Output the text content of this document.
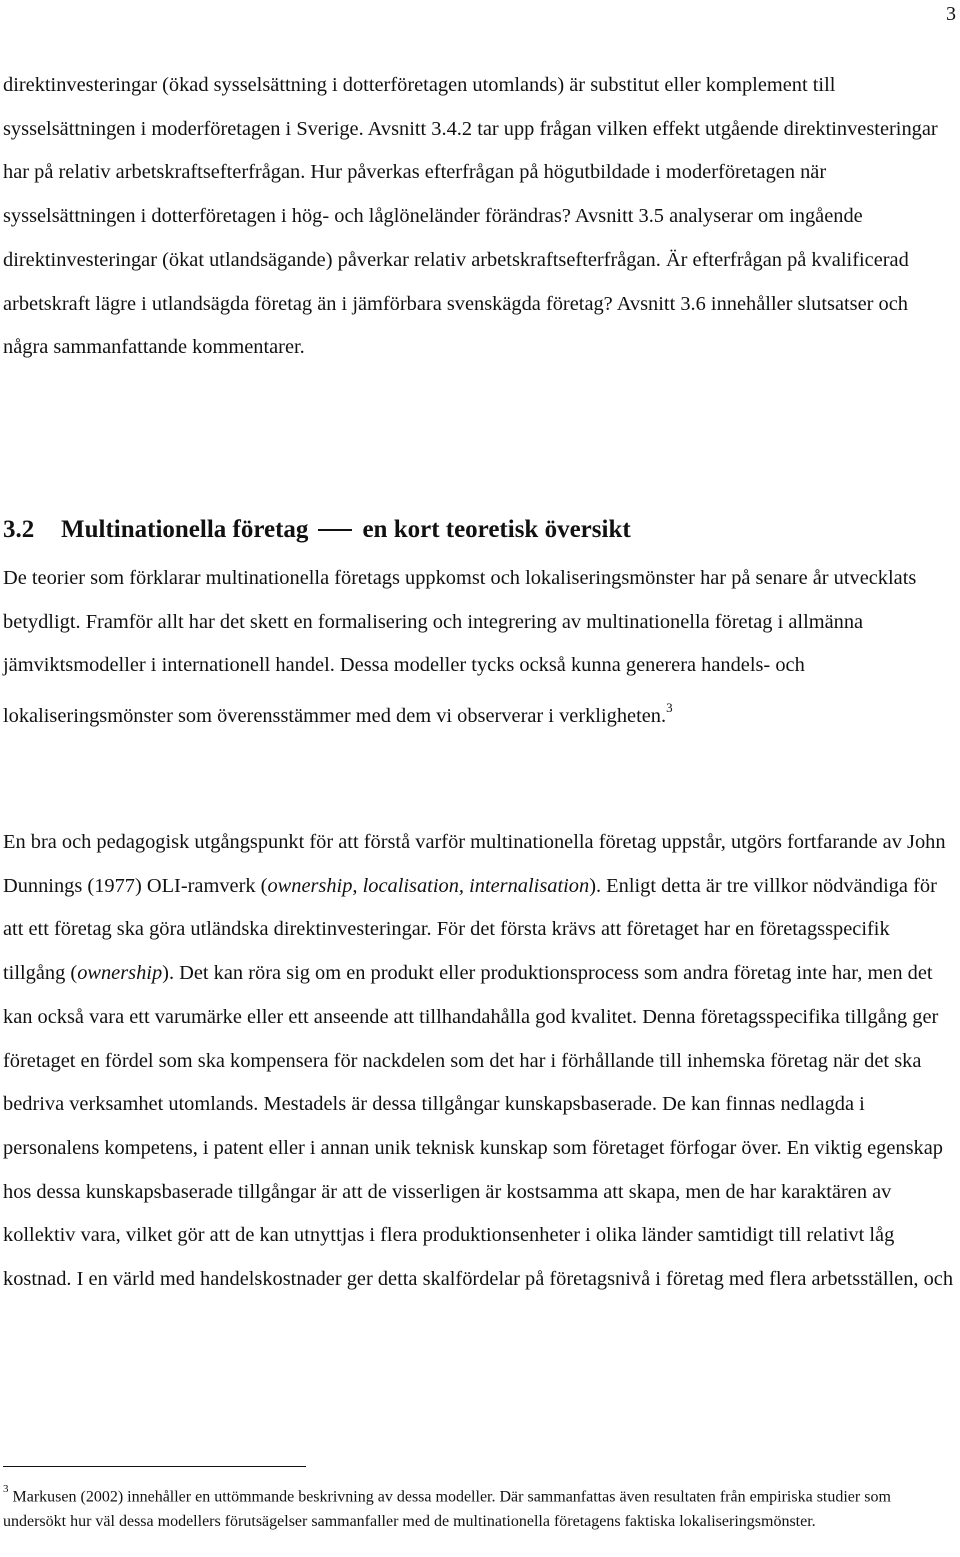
3

direktinvesteringar (ökad sysselsättning i dotterföretagen utomlands) är substitut eller komplement till sysselsättningen i moderföretagen i Sverige. Avsnitt 3.4.2 tar upp frågan vilken effekt utgående direktinvesteringar har på relativ arbetskraftsefterfrågan. Hur påverkas efterfrågan på högutbildade i moderföretagen när sysselsättningen i dotterföretagen i hög- och låglöneländer förändras? Avsnitt 3.5 analyserar om ingående direktinvesteringar (ökat utlandsägande) påverkar relativ arbetskraftsefterfrågan. Är efterfrågan på kvalificerad arbetskraft lägre i utlandsägda företag än i jämförbara svenskägda företag? Avsnitt 3.6 innehåller slutsatser och några sammanfattande kommentarer.

3.2 Multinationella företag en kort teoretisk översikt

De teorier som förklarar multinationella företags uppkomst och lokaliseringsmönster har på senare år utvecklats betydligt. Framför allt har det skett en formalisering och integrering av multinationella företag i allmänna jämviktsmodeller i internationell handel. Dessa modeller tycks också kunna generera handels- och lokaliseringsmönster som överensstämmer med dem vi observerar i verkligheten.$^3$

En bra och pedagogisk utgångspunkt för att förstå varför multinationella företag uppstår, utgörs fortfarande av John Dunnings (1977) OLI-ramverk (ownership, localisation, internalisation). Enligt detta är tre villkor nödvändiga för att ett företag ska göra utländska direktinvesteringar. För det första krävs att företaget har en företagsspecifik tillgång (ownership). Det kan röra sig om en produkt eller produktionsprocess som andra företag inte har, men det kan också vara ett varumärke eller ett anseende att tillhandahålla god kvalitet. Denna företagsspecifika tillgång ger företaget en fördel som ska kompensera för nackdelen som det har i förhållande till inhemska företag när det ska bedriva verksamhet utomlands. Mestadels är dessa tillgångar kunskapsbaserade. De kan finnas nedlagda i personalens kompetens, i patent eller i annan unik teknisk kunskap som företaget förfogar över. En viktig egenskap hos dessa kunskapsbaserade tillgångar är att de visserligen är kostsamma att skapa, men de har karaktären av kollektiv vara, vilket gör att de kan utnyttjas i flera produktionsenheter i olika länder samtidigt till relativt låg kostnad. I en värld med handelskostnader ger detta skalfördelar på företagsnivå i företag med flera arbetsställen, och

$^3$ Markusen (2002) innehåller en uttömmande beskrivning av dessa modeller. Där sammanfattas även resultaten från empiriska studier som undersökt hur väl dessa modellers förutsägelser sammanfaller med de multinationella företagens faktiska lokaliseringsmönster.
